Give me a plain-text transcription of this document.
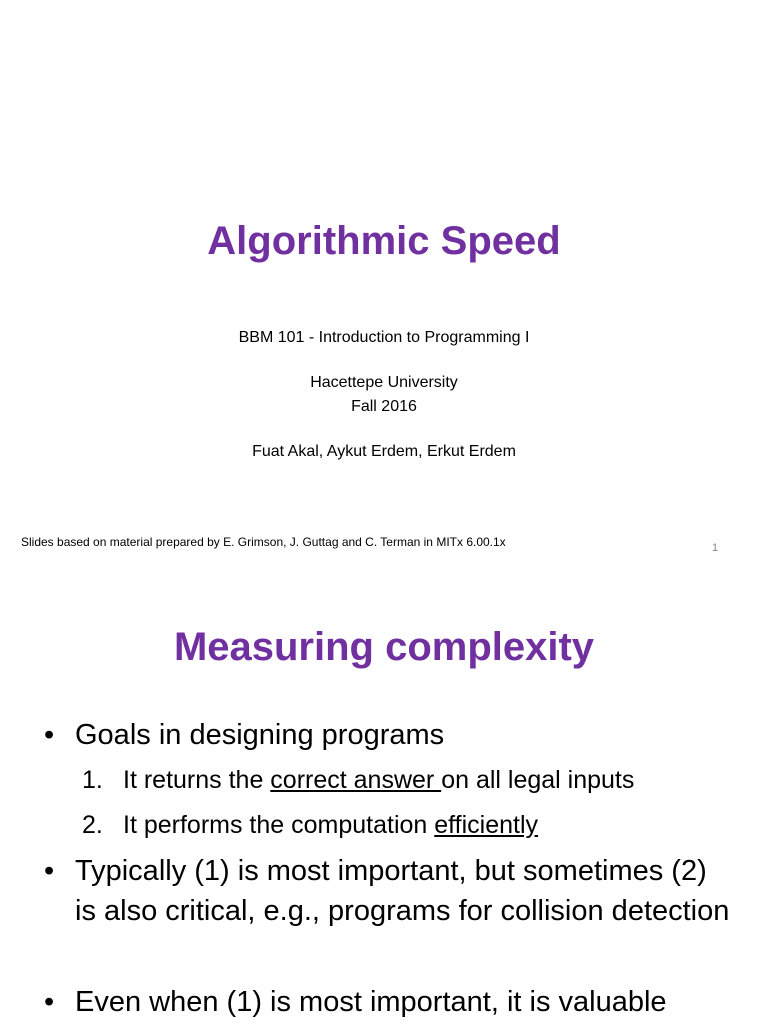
Algorithmic Speed
BBM 101 - Introduction to Programming I
Hacettepe University
Fall 2016
Fuat Akal, Aykut Erdem, Erkut Erdem
Slides based on material prepared by E. Grimson, J. Guttag and C. Terman in MITx 6.00.1x	1
Measuring complexity
• Goals in designing programs
1. It returns the correct answer on all legal inputs
2. It performs the computation efficiently
• Typically (1) is most important, but sometimes (2) is also critical, e.g., programs for collision detection
• Even when (1) is most important, it is valuable
